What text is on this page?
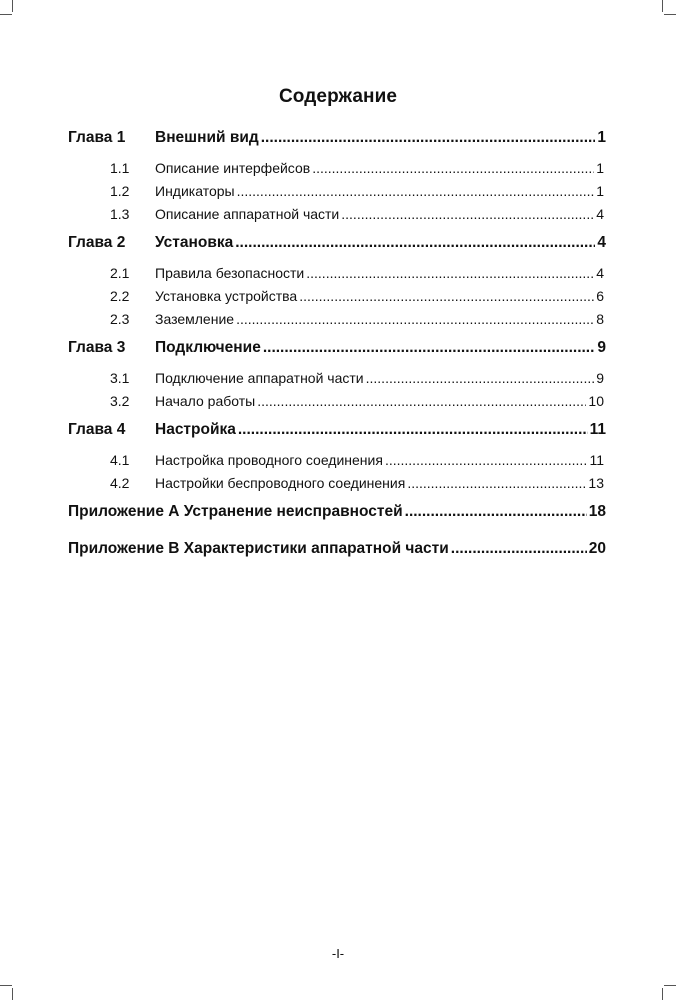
Содержание
Глава 1 Внешний вид .....	1
1.1 Описание интерфейсов .....	1
1.2 Индикаторы .....	1
1.3 Описание аппаратной части .....	4
Глава 2 Установка .....	4
2.1 Правила безопасности .....	4
2.2 Установка устройства .....	6
2.3 Заземление .....	8
Глава 3 Подключение .....	9
3.1 Подключение аппаратной части .....	9
3.2 Начало работы .....	10
Глава 4 Настройка .....	11
4.1 Настройка проводного соединения .....	11
4.2 Настройки беспроводного соединения .....	13
Приложение А Устранение неисправностей .....	18
Приложение В Характеристики аппаратной части .....	20
-I-
